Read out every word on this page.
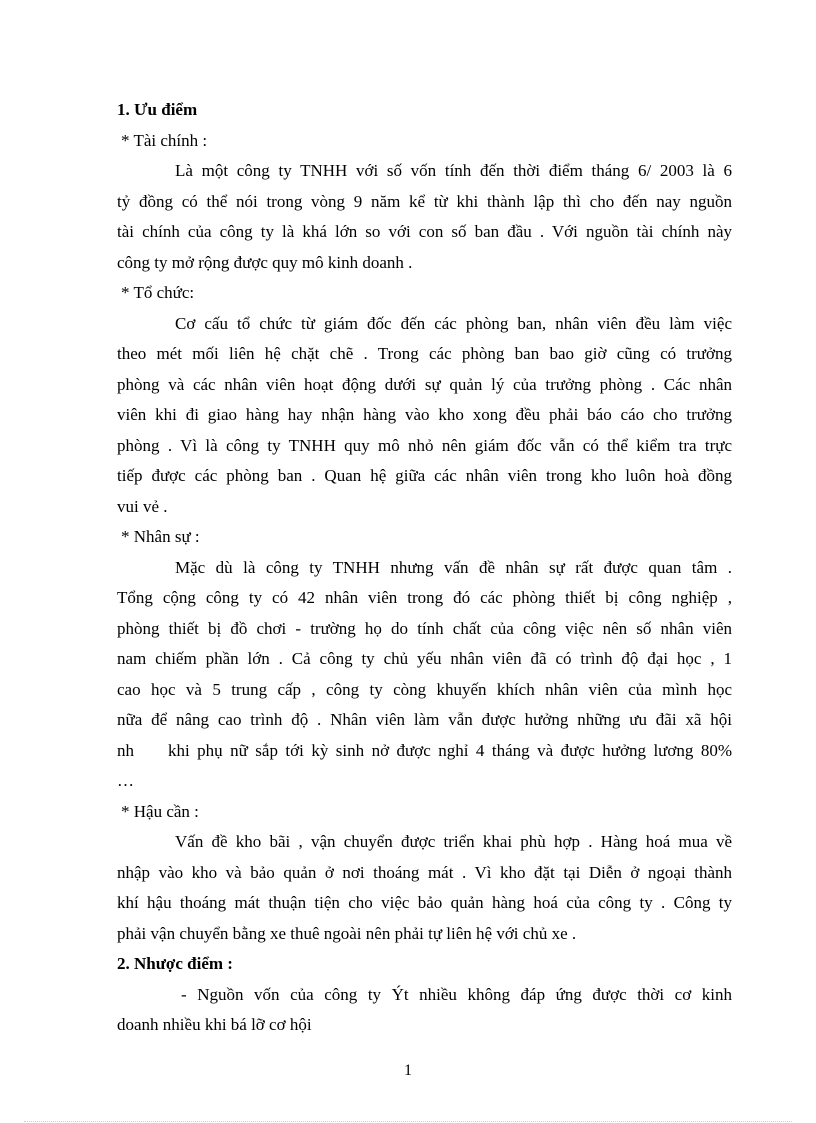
1. Ưu điểm

* Tài chính :

Là một công ty TNHH với số vốn tính đến thời điểm tháng 6/ 2003 là 6
tỷ đồng có thể nói trong vòng 9 năm kể từ khi thành lập thì cho đến nay nguồn
tài chính của công ty là khá lớn so với con số ban đầu . Với nguồn tài chính này
công ty mở rộng được quy mô kinh doanh .

* Tổ chức:

Cơ cấu tổ chức từ giám đốc đến các phòng ban, nhân viên đều làm việc
theo mét mối liên hệ chặt chẽ . Trong các phòng ban bao giờ cũng có trưởng
phòng và các nhân viên hoạt động dưới sự quản lý của trưởng phòng . Các nhân
viên khi đi giao hàng hay nhận hàng vào kho xong đều phải báo cáo cho trưởng
phòng . Vì là công ty TNHH quy mô nhỏ nên giám đốc vẫn có thể kiểm tra trực
tiếp được các phòng ban . Quan hệ giữa các nhân viên trong kho luôn hoà đồng
vui vẻ .

* Nhân sự :

Mặc dù là công ty TNHH nhưng vấn đề nhân sự rất được quan tâm .
Tổng cộng công ty có 42 nhân viên trong đó các phòng thiết bị công nghiệp ,
phòng thiết bị đồ chơi - trường họ do tính chất của công việc nên số nhân viên
nam chiếm phần lớn . Cả công ty chủ yếu nhân viên đã có trình độ đại học , 1
cao học và 5 trung cấp , công ty còng khuyến khích nhân viên của mình học
nữa để nâng cao trình độ . Nhân viên làm vẫn được hưởng những ưu đãi xã hội
nh khi phụ nữ sắp tới kỳ sinh nở được nghỉ 4 tháng và được hưởng lương 80%
…

* Hậu cần :

Vấn đề kho bãi , vận chuyển được triển khai phù hợp . Hàng hoá mua về
nhập vào kho và bảo quản ở nơi thoáng mát . Vì kho đặt tại Diễn ở ngoại thành
khí hậu thoáng mát thuận tiện cho việc bảo quản hàng hoá của công ty . Công ty
phải vận chuyển bằng xe thuê ngoài nên phải tự liên hệ với chủ xe .

2. Nhược điểm :

- Nguồn vốn của công ty Ýt nhiều không đáp ứng được thời cơ kinh
doanh nhiều khi bá lỡ cơ hội
1
